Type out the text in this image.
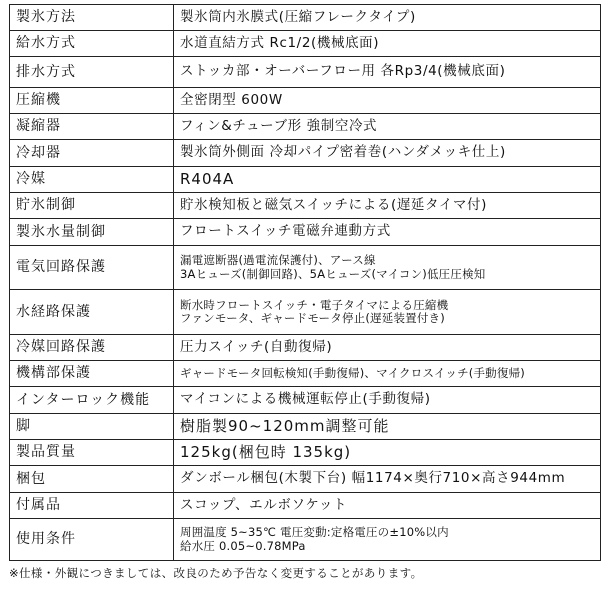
製氷方法	製氷筒内氷膜式(圧縮フレークタイプ)

給水方式	水道直結方式 Rc1/2(機械底面)

排水方式	ストッカ部・オーバーフロー用 各Rp3/4(機械底面)

圧縮機	全密閉型 600W

凝縮器	フィン&チューブ形 強制空冷式

冷却器	製氷筒外側面 冷却パイプ密着巻(ハンダメッキ仕上)

冷媒	R404A

貯氷制御	貯氷検知板と磁気スイッチによる(遅延タイマ付)

製氷水量制御	フロートスイッチ電磁弁連動方式

電気回路保護	漏電遮断器(過電流保護付)、アース線
3Aヒューズ(制御回路)、5Aヒューズ(マイコン)低圧圧検知

水経路保護	断水時フロートスイッチ・電子タイマによる圧縮機
ファンモータ、ギャードモータ停止(遅延装置付き)

冷媒回路保護	圧力スイッチ(自動復帰)

機構部保護	ギャードモータ回転検知(手動復帰)、マイクロスイッチ(手動復帰)

インターロック機能	マイコンによる機械運転停止(手動復帰)

脚	樹脂製90~120mm調整可能

製品質量	125kg(梱包時 135kg)

梱包	ダンボール梱包(木製下台) 幅1174×奥行710×高さ944mm

付属品	スコップ、エルボソケット

使用条件	周囲温度 5~35℃ 電圧変動:定格電圧の±10%以内
給水圧 0.05~0.78MPa
※仕様・外観につきましては、改良のため予告なく変更することがあります。
